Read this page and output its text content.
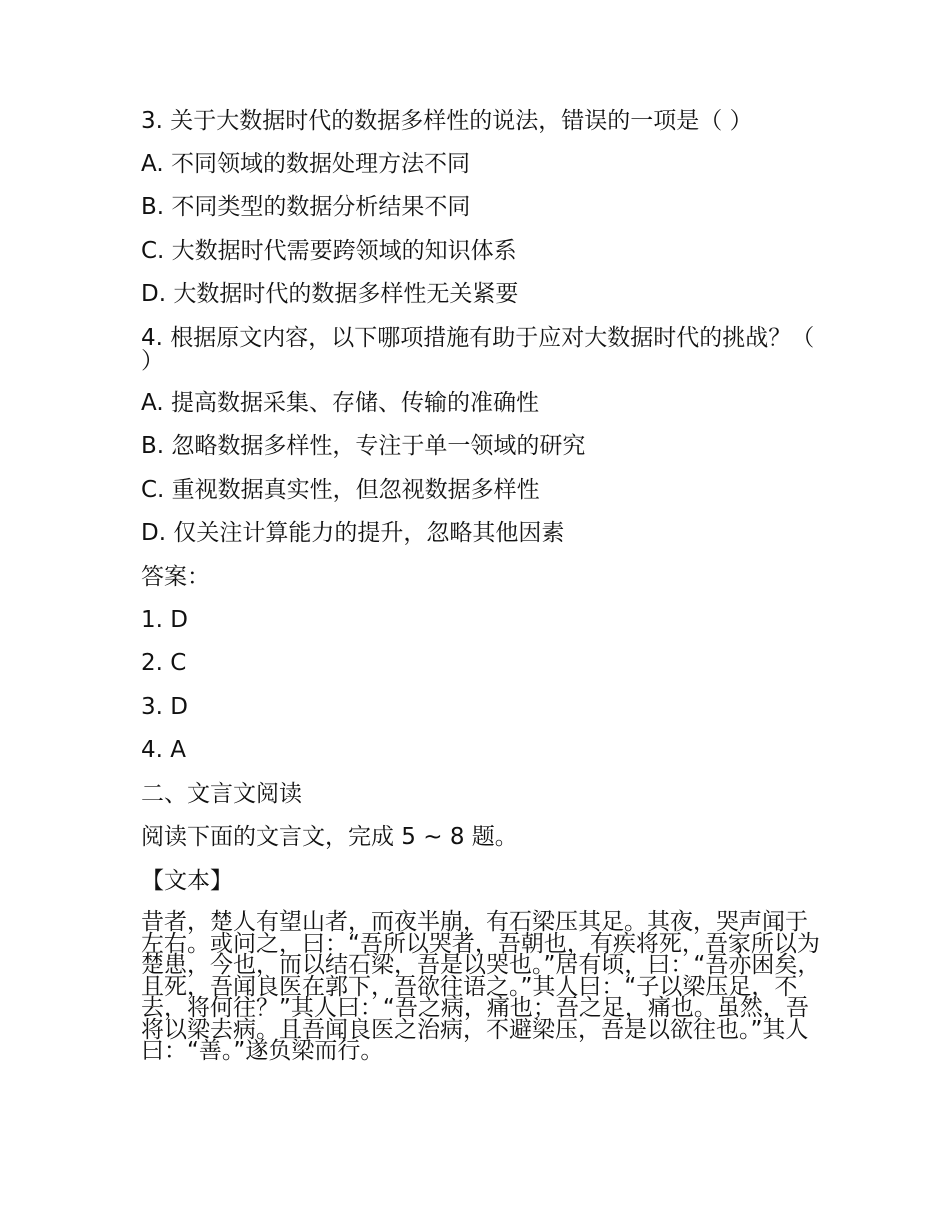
3. 关于大数据时代的数据多样性的说法，错误的一项是（ ）
A. 不同领域的数据处理方法不同
B. 不同类型的数据分析结果不同
C. 大数据时代需要跨领域的知识体系
D. 大数据时代的数据多样性无关紧要
4. 根据原文内容，以下哪项措施有助于应对大数据时代的挑战？（ ）
A. 提高数据采集、存储、传输的准确性
B. 忽略数据多样性，专注于单一领域的研究
C. 重视数据真实性，但忽视数据多样性
D. 仅关注计算能力的提升，忽略其他因素
答案：
1. D
2. C
3. D
4. A
二、文言文阅读
阅读下面的文言文，完成 5 ~ 8 题。
【文本】
昔者，楚人有望山者，而夜半崩，有石梁压其足。其夜，哭声闻于左右。或问之，曰：“吾所以哭者，吾朝也，有疾将死，吾家所以为楚患，今也，而以结石梁，吾是以哭也。”居有顷，曰：“吾亦困矣，且死，吾闻良医在郭下，吾欲往语之。”其人曰：“子以梁压足，不去，将何往？”其人曰：“吾之病，痛也；吾之足，痛也。虽然，吾将以梁去病。且吾闻良医之治病，不避梁压，吾是以欲往也。”其人曰：“善。”遂负梁而行。
